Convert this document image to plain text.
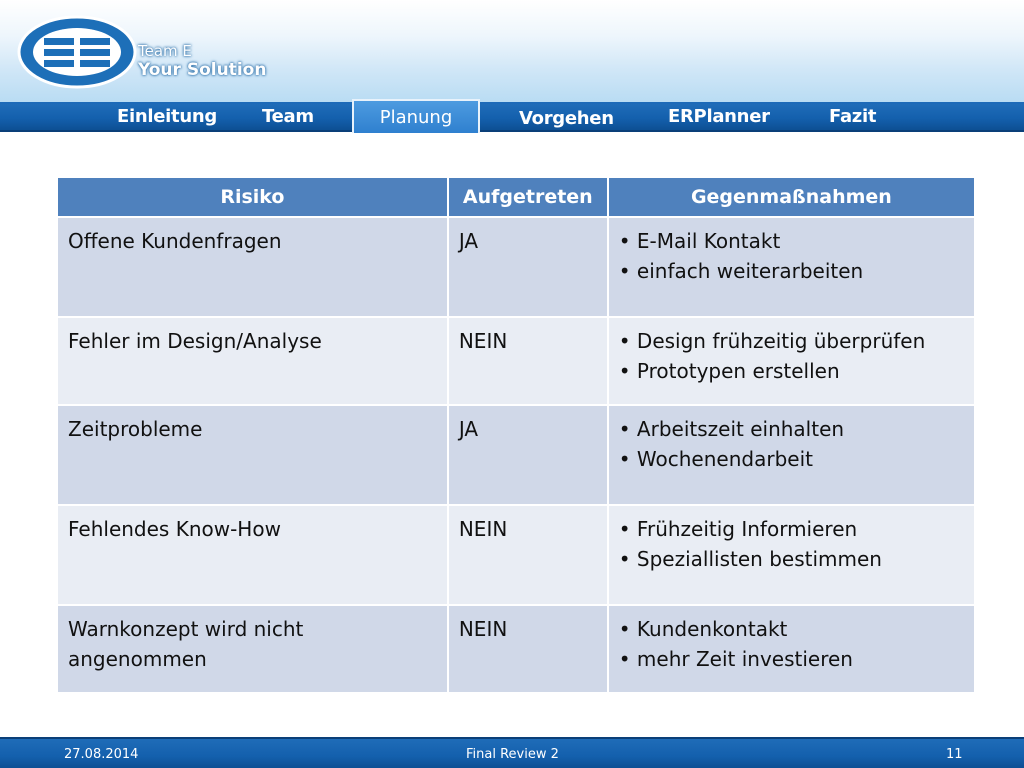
Team E
Your Solution
Einleitung	Team	Vorgehen	ERPlanner	Fazit
Planung
Risiko	Aufgetreten	Gegenmaßnahmen
Offene Kundenfragen	JA	• E-Mail Kontakt
• einfach weiterarbeiten

Fehler im Design/Analyse	NEIN	• Design frühzeitig überprüfen
• Prototypen erstellen

Zeitprobleme	JA	• Arbeitszeit einhalten
• Wochenendarbeit

Fehlendes Know-How	NEIN	• Frühzeitig Informieren
• Speziallisten bestimmen

Warnkonzept wird nicht angenommen	NEIN	• Kundenkontakt
• mehr Zeit investieren
27.08.2014	Final Review 2	11
